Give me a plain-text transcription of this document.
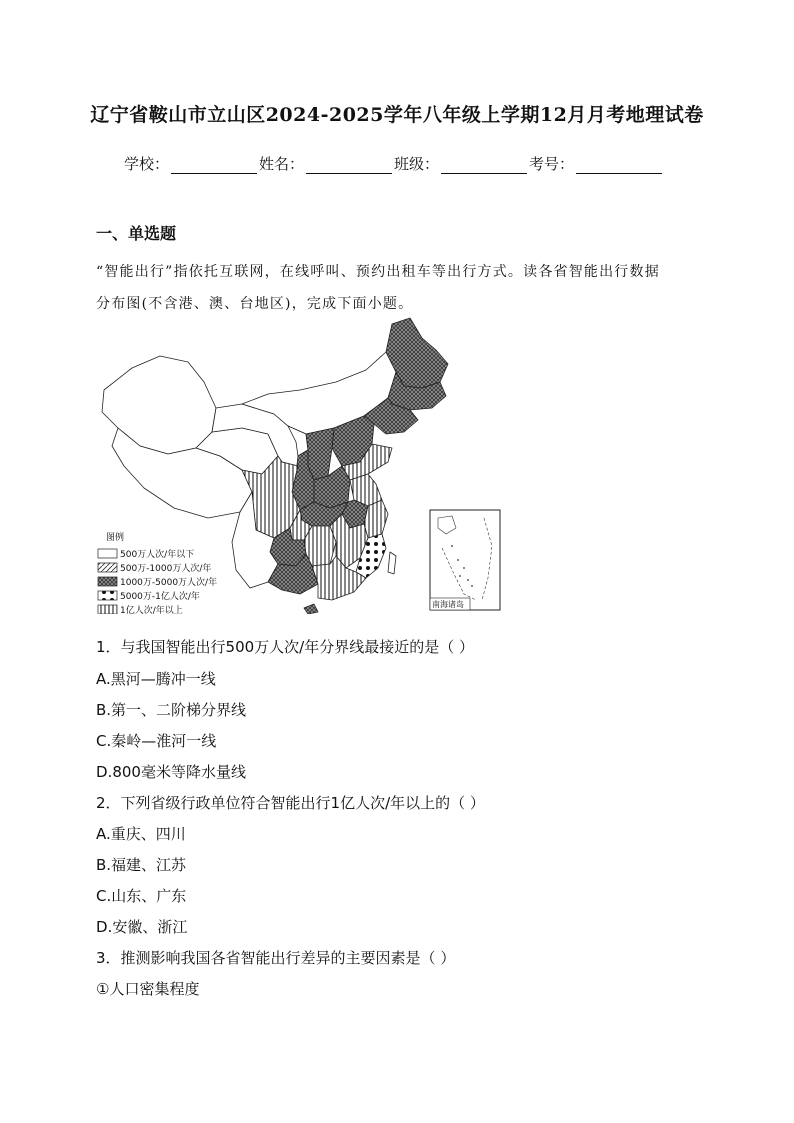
辽宁省鞍山市立山区2024-2025学年八年级上学期12月月考地理试卷
学校：	姓名：	班级：	考号：
一、单选题
“智能出行”指依托互联网，在线呼叫、预约出租车等出行方式。读各省智能出行数据
分布图(不含港、澳、台地区)，完成下面小题。
南海诸岛
图例
500万人次/年以下
500万-1000万人次/年
1000万-5000万人次/年
5000万-1亿人次/年
1亿人次/年以上
1．与我国智能出行500万人次/年分界线最接近的是（ ）
A.黑河—腾冲一线
B.第一、二阶梯分界线
C.秦岭—淮河一线
D.800毫米等降水量线
2．下列省级行政单位符合智能出行1亿人次/年以上的（ ）
A.重庆、四川
B.福建、江苏
C.山东、广东
D.安徽、浙江
3．推测影响我国各省智能出行差异的主要因素是（ ）
①人口密集程度
